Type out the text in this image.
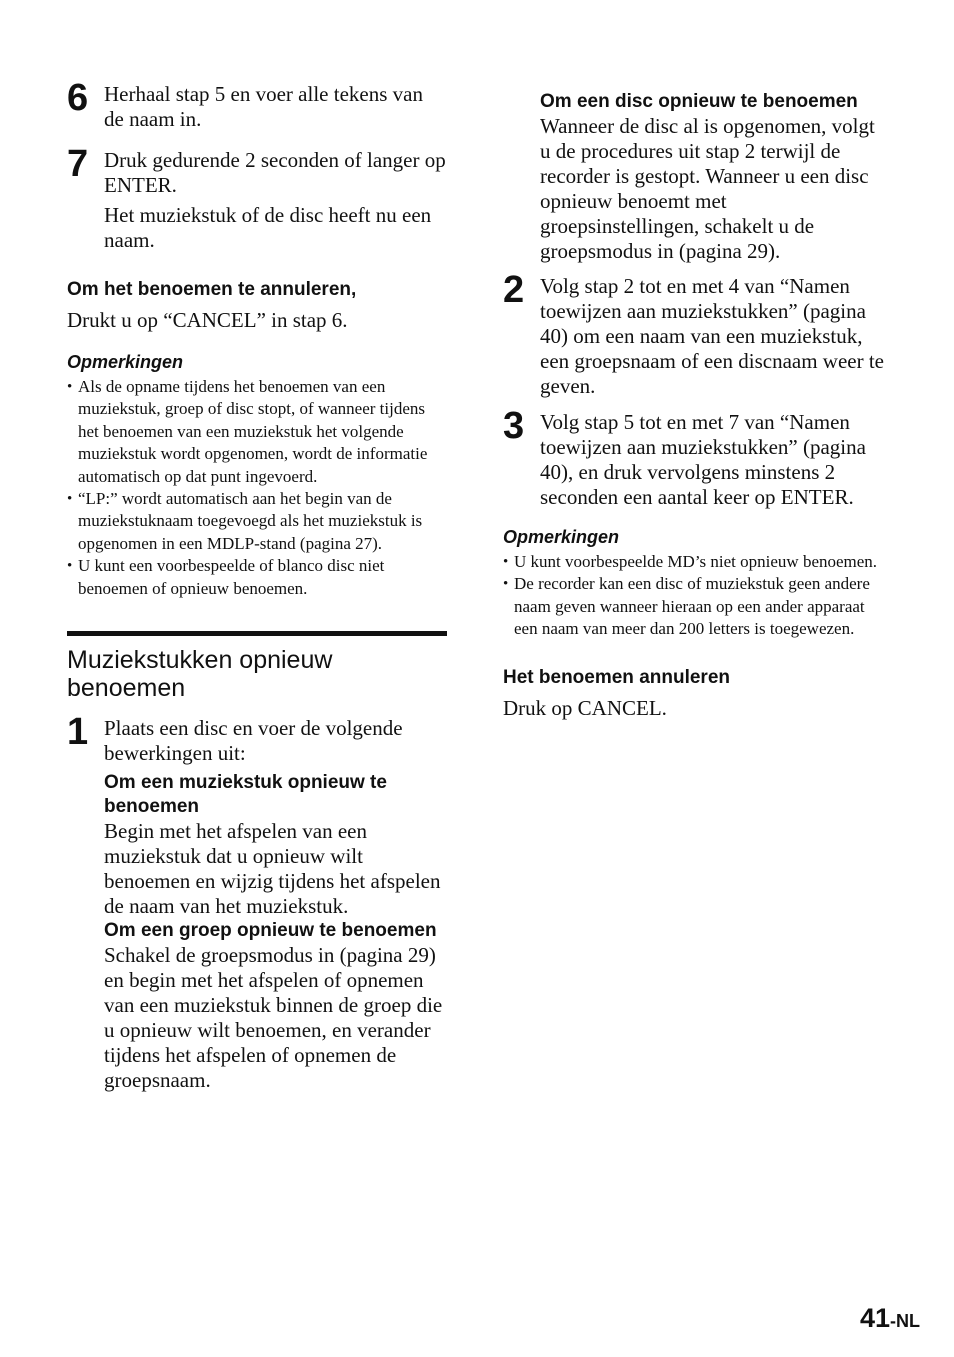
6 Herhaal stap 5 en voer alle tekens van de naam in.

7 Druk gedurende 2 seconden of langer op ENTER.

Het muziekstuk of de disc heeft nu een naam.

Om het benoemen te annuleren,

Drukt u op “CANCEL” in stap 6.

Opmerkingen
• Als de opname tijdens het benoemen van een muziekstuk, groep of disc stopt, of wanneer tijdens het benoemen van een muziekstuk het volgende muziekstuk wordt opgenomen, wordt de informatie automatisch op dat punt ingevoerd.
• “LP:” wordt automatisch aan het begin van de muziekstuknaam toegevoegd als het muziekstuk is opgenomen in een MDLP-stand (pagina 27).
• U kunt een voorbespeelde of blanco disc niet benoemen of opnieuw benoemen.
Muziekstukken opnieuw
benoemen
1 Plaats een disc en voer de volgende bewerkingen uit:

Om een muziekstuk opnieuw te benoemen

Begin met het afspelen van een muziekstuk dat u opnieuw wilt benoemen en wijzig tijdens het afspelen de naam van het muziekstuk.

Om een groep opnieuw te benoemen

Schakel de groepsmodus in (pagina 29) en begin met het afspelen of opnemen van een muziekstuk binnen de groep die u opnieuw wilt benoemen, en verander tijdens het afspelen of opnemen de groepsnaam.

Om een disc opnieuw te benoemen

Wanneer de disc al is opgenomen, volgt u de procedures uit stap 2 terwijl de recorder is gestopt. Wanneer u een disc opnieuw benoemt met groepsinstellingen, schakelt u de groepsmodus in (pagina 29).

2 Volg stap 2 tot en met 4 van “Namen toewijzen aan muziekstukken” (pagina 40) om een naam van een muziekstuk, een groepsnaam of een discnaam weer te geven.

3 Volg stap 5 tot en met 7 van “Namen toewijzen aan muziekstukken” (pagina 40), en druk vervolgens minstens 2 seconden een aantal keer op ENTER.

Opmerkingen
• U kunt voorbespeelde MD’s niet opnieuw benoemen.
• De recorder kan een disc of muziekstuk geen andere naam geven wanneer hieraan op een ander apparaat een naam van meer dan 200 letters is toegewezen.
Het benoemen annuleren

Druk op CANCEL.

41-NL
